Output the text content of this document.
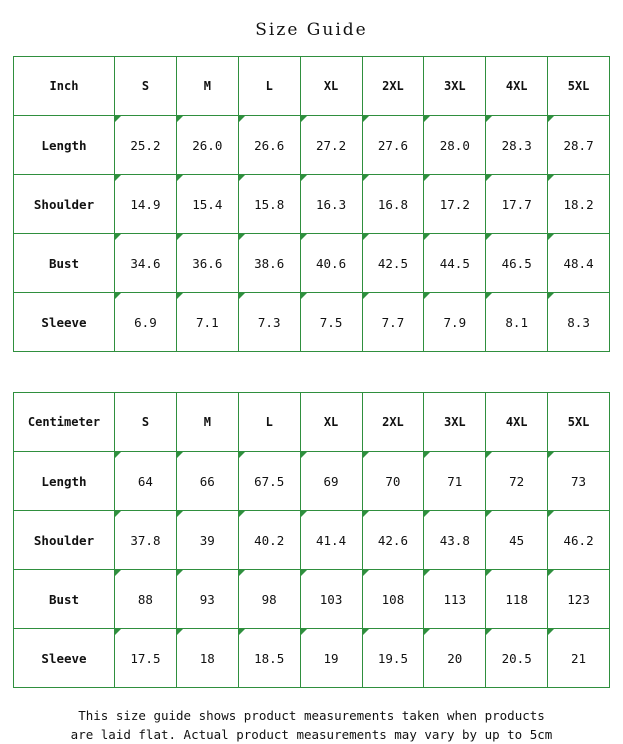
Size Guide
Inch	S	M	L	XL	2XL	3XL	4XL	5XL
Length	25.2	26.0	26.6	27.2	27.6	28.0	28.3	28.7
Shoulder	14.9	15.4	15.8	16.3	16.8	17.2	17.7	18.2
Bust	34.6	36.6	38.6	40.6	42.5	44.5	46.5	48.4
Sleeve	6.9	7.1	7.3	7.5	7.7	7.9	8.1	8.3
Centimeter	S	M	L	XL	2XL	3XL	4XL	5XL
Length	64	66	67.5	69	70	71	72	73
Shoulder	37.8	39	40.2	41.4	42.6	43.8	45	46.2
Bust	88	93	98	103	108	113	118	123
Sleeve	17.5	18	18.5	19	19.5	20	20.5	21
This size guide shows product measurements taken when products
are laid flat. Actual product measurements may vary by up to 5cm
